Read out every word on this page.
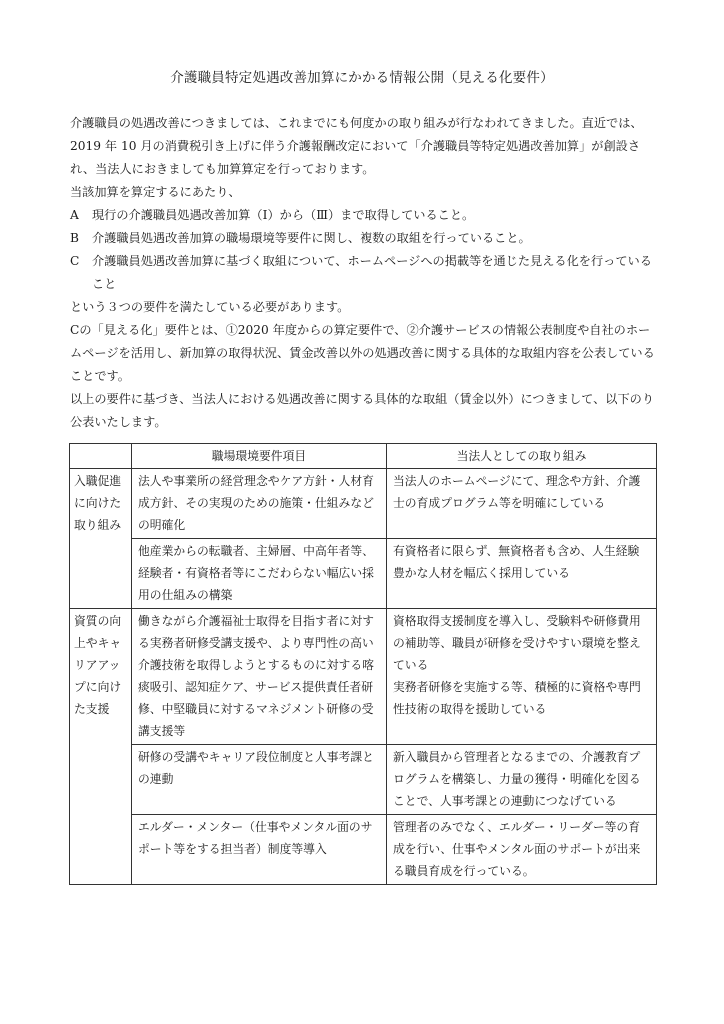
介護職員特定処遇改善加算にかかる情報公開（見える化要件）

介護職員の処遇改善につきましては、これまでにも何度かの取り組みが行なわれてきました。直近では、2019 年 10 月の消費税引き上げに伴う介護報酬改定において「介護職員等特定処遇改善加算」が創設され、当法人におきましても加算算定を行っております。

当該加算を算定するにあたり、

A	現行の介護職員処遇改善加算（Ⅰ）から（Ⅲ）まで取得していること。
B	介護職員処遇改善加算の職場環境等要件に関し、複数の取組を行っていること。
C	介護職員処遇改善加算に基づく取組について、ホームページへの掲載等を通じた見える化を行っていること

という３つの要件を満たしている必要があります。

Cの「見える化」要件とは、①2020 年度からの算定要件で、②介護サービスの情報公表制度や自社のホームページを活用し、新加算の取得状況、賃金改善以外の処遇改善に関する具体的な取組内容を公表していることです。

以上の要件に基づき、当法人における処遇改善に関する具体的な取組（賃金以外）につきまして、以下のり公表いたします。

	職場環境要件項目	当法人としての取り組み
入職促進に向けた取り組み	法人や事業所の経営理念やケア方針・人材育成方針、その実現のための施策・仕組みなどの明確化	当法人のホームページにて、理念や方針、介護士の育成プログラム等を明確にしている
	他産業からの転職者、主婦層、中高年者等、経験者・有資格者等にこだわらない幅広い採用の仕組みの構築	有資格者に限らず、無資格者も含め、人生経験豊かな人材を幅広く採用している
資質の向上やキャリアアップに向けた支援	働きながら介護福祉士取得を目指す者に対する実務者研修受講支援や、より専門性の高い介護技術を取得しようとするものに対する喀痰吸引、認知症ケア、サービス提供責任者研修、中堅職員に対するマネジメント研修の受講支援等	資格取得支援制度を導入し、受験料や研修費用の補助等、職員が研修を受けやすい環境を整えている
実務者研修を実施する等、積極的に資格や専門性技術の取得を援助している
	研修の受講やキャリア段位制度と人事考課との連動	新入職員から管理者となるまでの、介護教育プログラムを構築し、力量の獲得・明確化を図ることで、人事考課との連動につなげている
	エルダー・メンター（仕事やメンタル面のサポート等をする担当者）制度等導入	管理者のみでなく、エルダー・リーダー等の育成を行い、仕事やメンタル面のサポートが出来る職員育成を行っている。
